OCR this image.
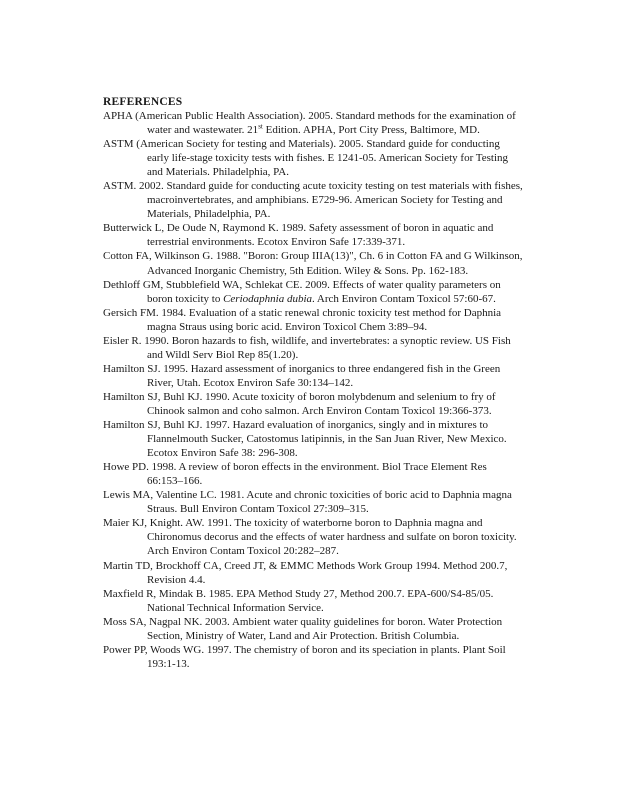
REFERENCES

APHA (American Public Health Association). 2005. Standard methods for the examination of water and wastewater. 21st Edition. APHA, Port City Press, Baltimore, MD.

ASTM (American Society for testing and Materials). 2005. Standard guide for conducting early life-stage toxicity tests with fishes. E 1241-05. American Society for Testing and Materials. Philadelphia, PA.

ASTM. 2002. Standard guide for conducting acute toxicity testing on test materials with fishes, macroinvertebrates, and amphibians. E729-96. American Society for Testing and Materials, Philadelphia, PA.

Butterwick L, De Oude N, Raymond K. 1989. Safety assessment of boron in aquatic and terrestrial environments. Ecotox Environ Safe 17:339-371.

Cotton FA, Wilkinson G. 1988. "Boron: Group IIIA(13)", Ch. 6 in Cotton FA and G Wilkinson, Advanced Inorganic Chemistry, 5th Edition. Wiley & Sons. Pp. 162-183.

Dethloff GM, Stubblefield WA, Schlekat CE. 2009. Effects of water quality parameters on boron toxicity to Ceriodaphnia dubia. Arch Environ Contam Toxicol 57:60-67.

Gersich FM. 1984. Evaluation of a static renewal chronic toxicity test method for Daphnia magna Straus using boric acid. Environ Toxicol Chem 3:89–94.

Eisler R. 1990. Boron hazards to fish, wildlife, and invertebrates: a synoptic review. US Fish and Wildl Serv Biol Rep 85(1.20).

Hamilton SJ. 1995. Hazard assessment of inorganics to three endangered fish in the Green River, Utah. Ecotox Environ Safe 30:134–142.

Hamilton SJ, Buhl KJ. 1990. Acute toxicity of boron molybdenum and selenium to fry of Chinook salmon and coho salmon. Arch Environ Contam Toxicol 19:366-373.

Hamilton SJ, Buhl KJ. 1997. Hazard evaluation of inorganics, singly and in mixtures to Flannelmouth Sucker, Catostomus latipinnis, in the San Juan River, New Mexico. Ecotox Environ Safe 38: 296-308.

Howe PD. 1998. A review of boron effects in the environment. Biol Trace Element Res 66:153–166.

Lewis MA, Valentine LC. 1981. Acute and chronic toxicities of boric acid to Daphnia magna Straus. Bull Environ Contam Toxicol 27:309–315.

Maier KJ, Knight. AW. 1991. The toxicity of waterborne boron to Daphnia magna and Chironomus decorus and the effects of water hardness and sulfate on boron toxicity. Arch Environ Contam Toxicol 20:282–287.

Martin TD, Brockhoff CA, Creed JT, & EMMC Methods Work Group 1994. Method 200.7, Revision 4.4.

Maxfield R, Mindak B. 1985. EPA Method Study 27, Method 200.7. EPA-600/S4-85/05. National Technical Information Service.

Moss SA, Nagpal NK. 2003. Ambient water quality guidelines for boron. Water Protection Section, Ministry of Water, Land and Air Protection. British Columbia.

Power PP, Woods WG. 1997. The chemistry of boron and its speciation in plants. Plant Soil 193:1-13.
